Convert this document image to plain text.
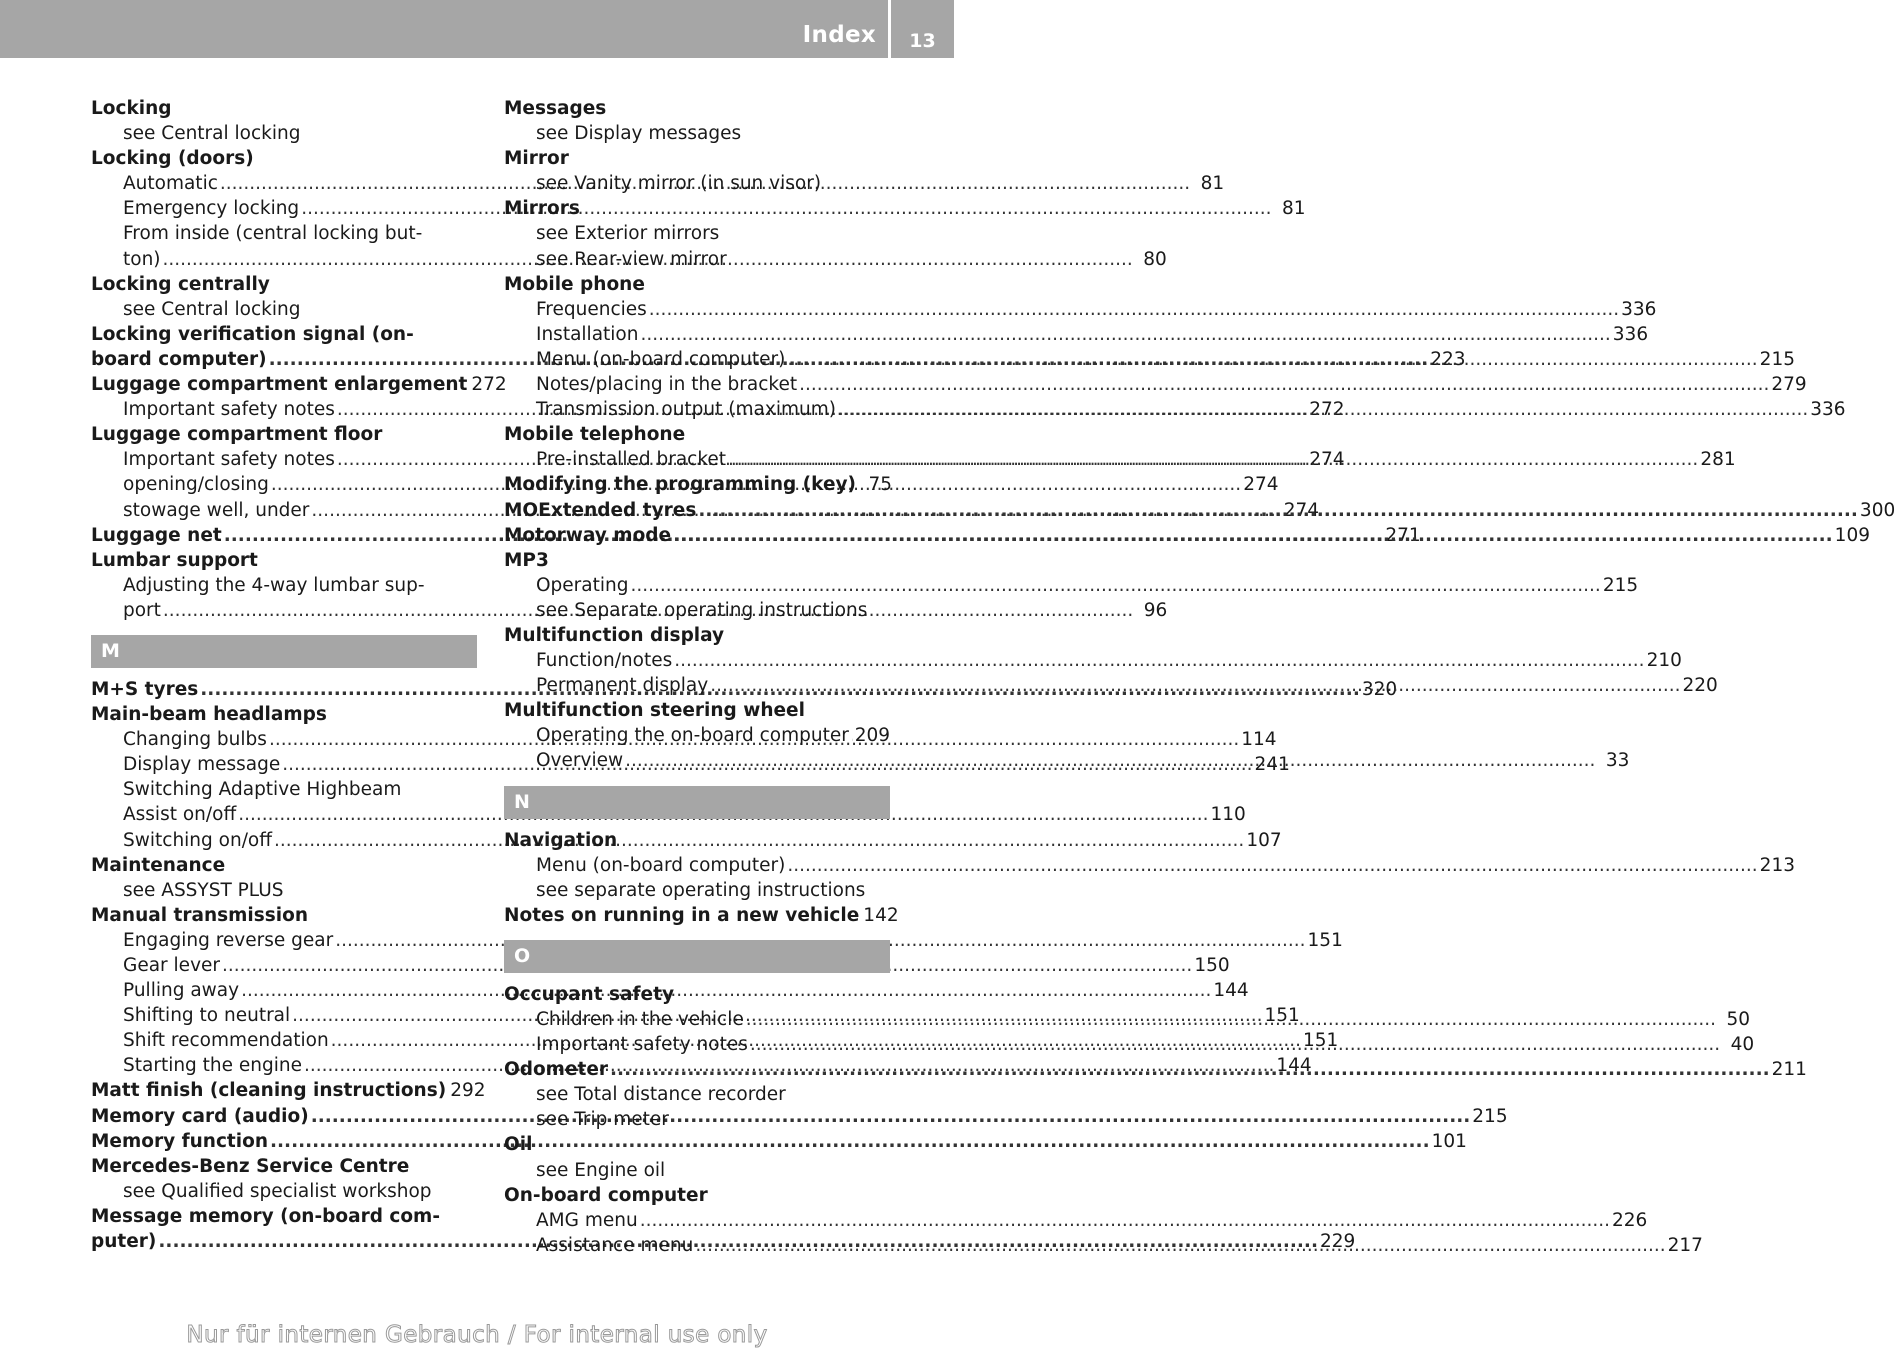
Index	13
Locking
see Central locking
Locking (doors)
Automatic .....	81
Emergency locking .....	81
From inside (central locking but-
ton) .....	80
Locking centrally
see Central locking
Locking verification signal (on-
board computer) .....	223
Luggage compartment enlargement 272
Important safety notes .....	272
Luggage compartment floor
Important safety notes .....	274
opening/closing .....	274
stowage well, under .....	274
Luggage net .....	271
Lumbar support
Adjusting the 4-way lumbar sup-
port .....	96
M
M+S tyres .....	320
Main-beam headlamps
Changing bulbs .....	114
Display message .....	241
Switching Adaptive Highbeam
Assist on/off .....	110
Switching on/off .....	107
Maintenance
see ASSYST PLUS
Manual transmission
Engaging reverse gear .....	151
Gear lever .....	150
Pulling away .....	144
Shifting to neutral .....	151
Shift recommendation .....	151
Starting the engine .....	144
Matt finish (cleaning instructions) 292
Memory card (audio) .....	215
Memory function .....	101
Mercedes-Benz Service Centre
see Qualified specialist workshop
Message memory (on-board com-
puter) .....	229
Messages
see Display messages
Mirror
see Vanity mirror (in sun visor)
Mirrors
see Exterior mirrors
see Rear-view mirror
Mobile phone
Frequencies .....	336
Installation .....	336
Menu (on-board computer) .....	215
Notes/placing in the bracket .....	279
Transmission output (maximum) .....	336
Mobile telephone
Pre-installed bracket .....	281
Modifying the programming (key) 75
MOExtended tyres .....	300
Motorway mode .....	109
MP3
Operating .....	215
see Separate operating instructions
Multifunction display
Function/notes .....	210
Permanent display .....	220
Multifunction steering wheel
Operating the on-board computer ..... 209
Overview .....	33
N
Navigation
Menu (on-board computer) .....	213
see separate operating instructions
Notes on running in a new vehicle 142
O
Occupant safety
Children in the vehicle .....	50
Important safety notes .....	40
Odometer .....	211
see Total distance recorder
see Trip meter
Oil
see Engine oil
On-board computer
AMG menu .....	226
Assistance menu .....	217
Nur für internen Gebrauch / For internal use only
